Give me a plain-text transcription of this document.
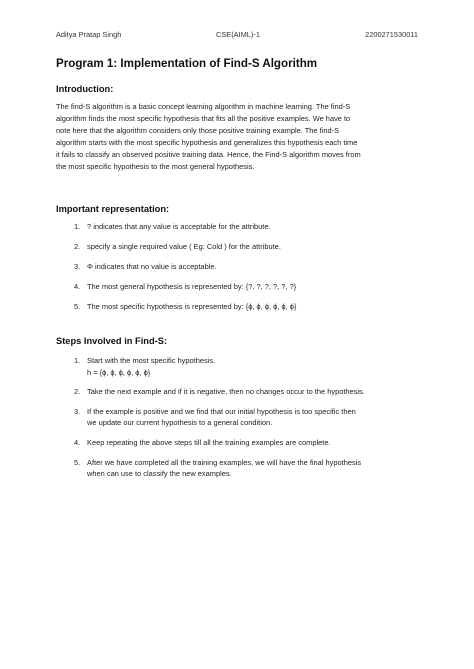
Aditya Pratap Singh	CSE(AIML)-1	2200271530011
Program 1: Implementation of Find-S Algorithm
Introduction:
The find-S algorithm is a basic concept learning algorithm in machine learning. The find-S
algorithm finds the most specific hypothesis that fits all the positive examples. We have to
note here that the algorithm considers only those positive training example. The find-S
algorithm starts with the most specific hypothesis and generalizes this hypothesis each time
it fails to classify an observed positive training data. Hence, the Find-S algorithm moves from
the most specific hypothesis to the most general hypothesis.
Important representation:
1. ? indicates that any value is acceptable for the attribute.
2. specify a single required value ( Eg: Cold ) for the attribute.
3. Φ indicates that no value is acceptable.
4. The most general hypothesis is represented by: {?, ?, ?, ?, ?, ?}
5. The most specific hypothesis is represented by: {ϕ, ϕ, ϕ, ϕ, ϕ, ϕ}
Steps Involved in Find-S:
1. Start with the most specific hypothesis.
h = {ϕ, ϕ, ϕ, ϕ, ϕ, ϕ}
2. Take the next example and if it is negative, then no changes occur to the hypothesis.
3. If the example is positive and we find that our initial hypothesis is too specific then
we update our current hypothesis to a general condition.
4. Keep repeating the above steps till all the training examples are complete.
5. After we have completed all the training examples, we will have the final hypothesis
when can use to classify the new examples.
